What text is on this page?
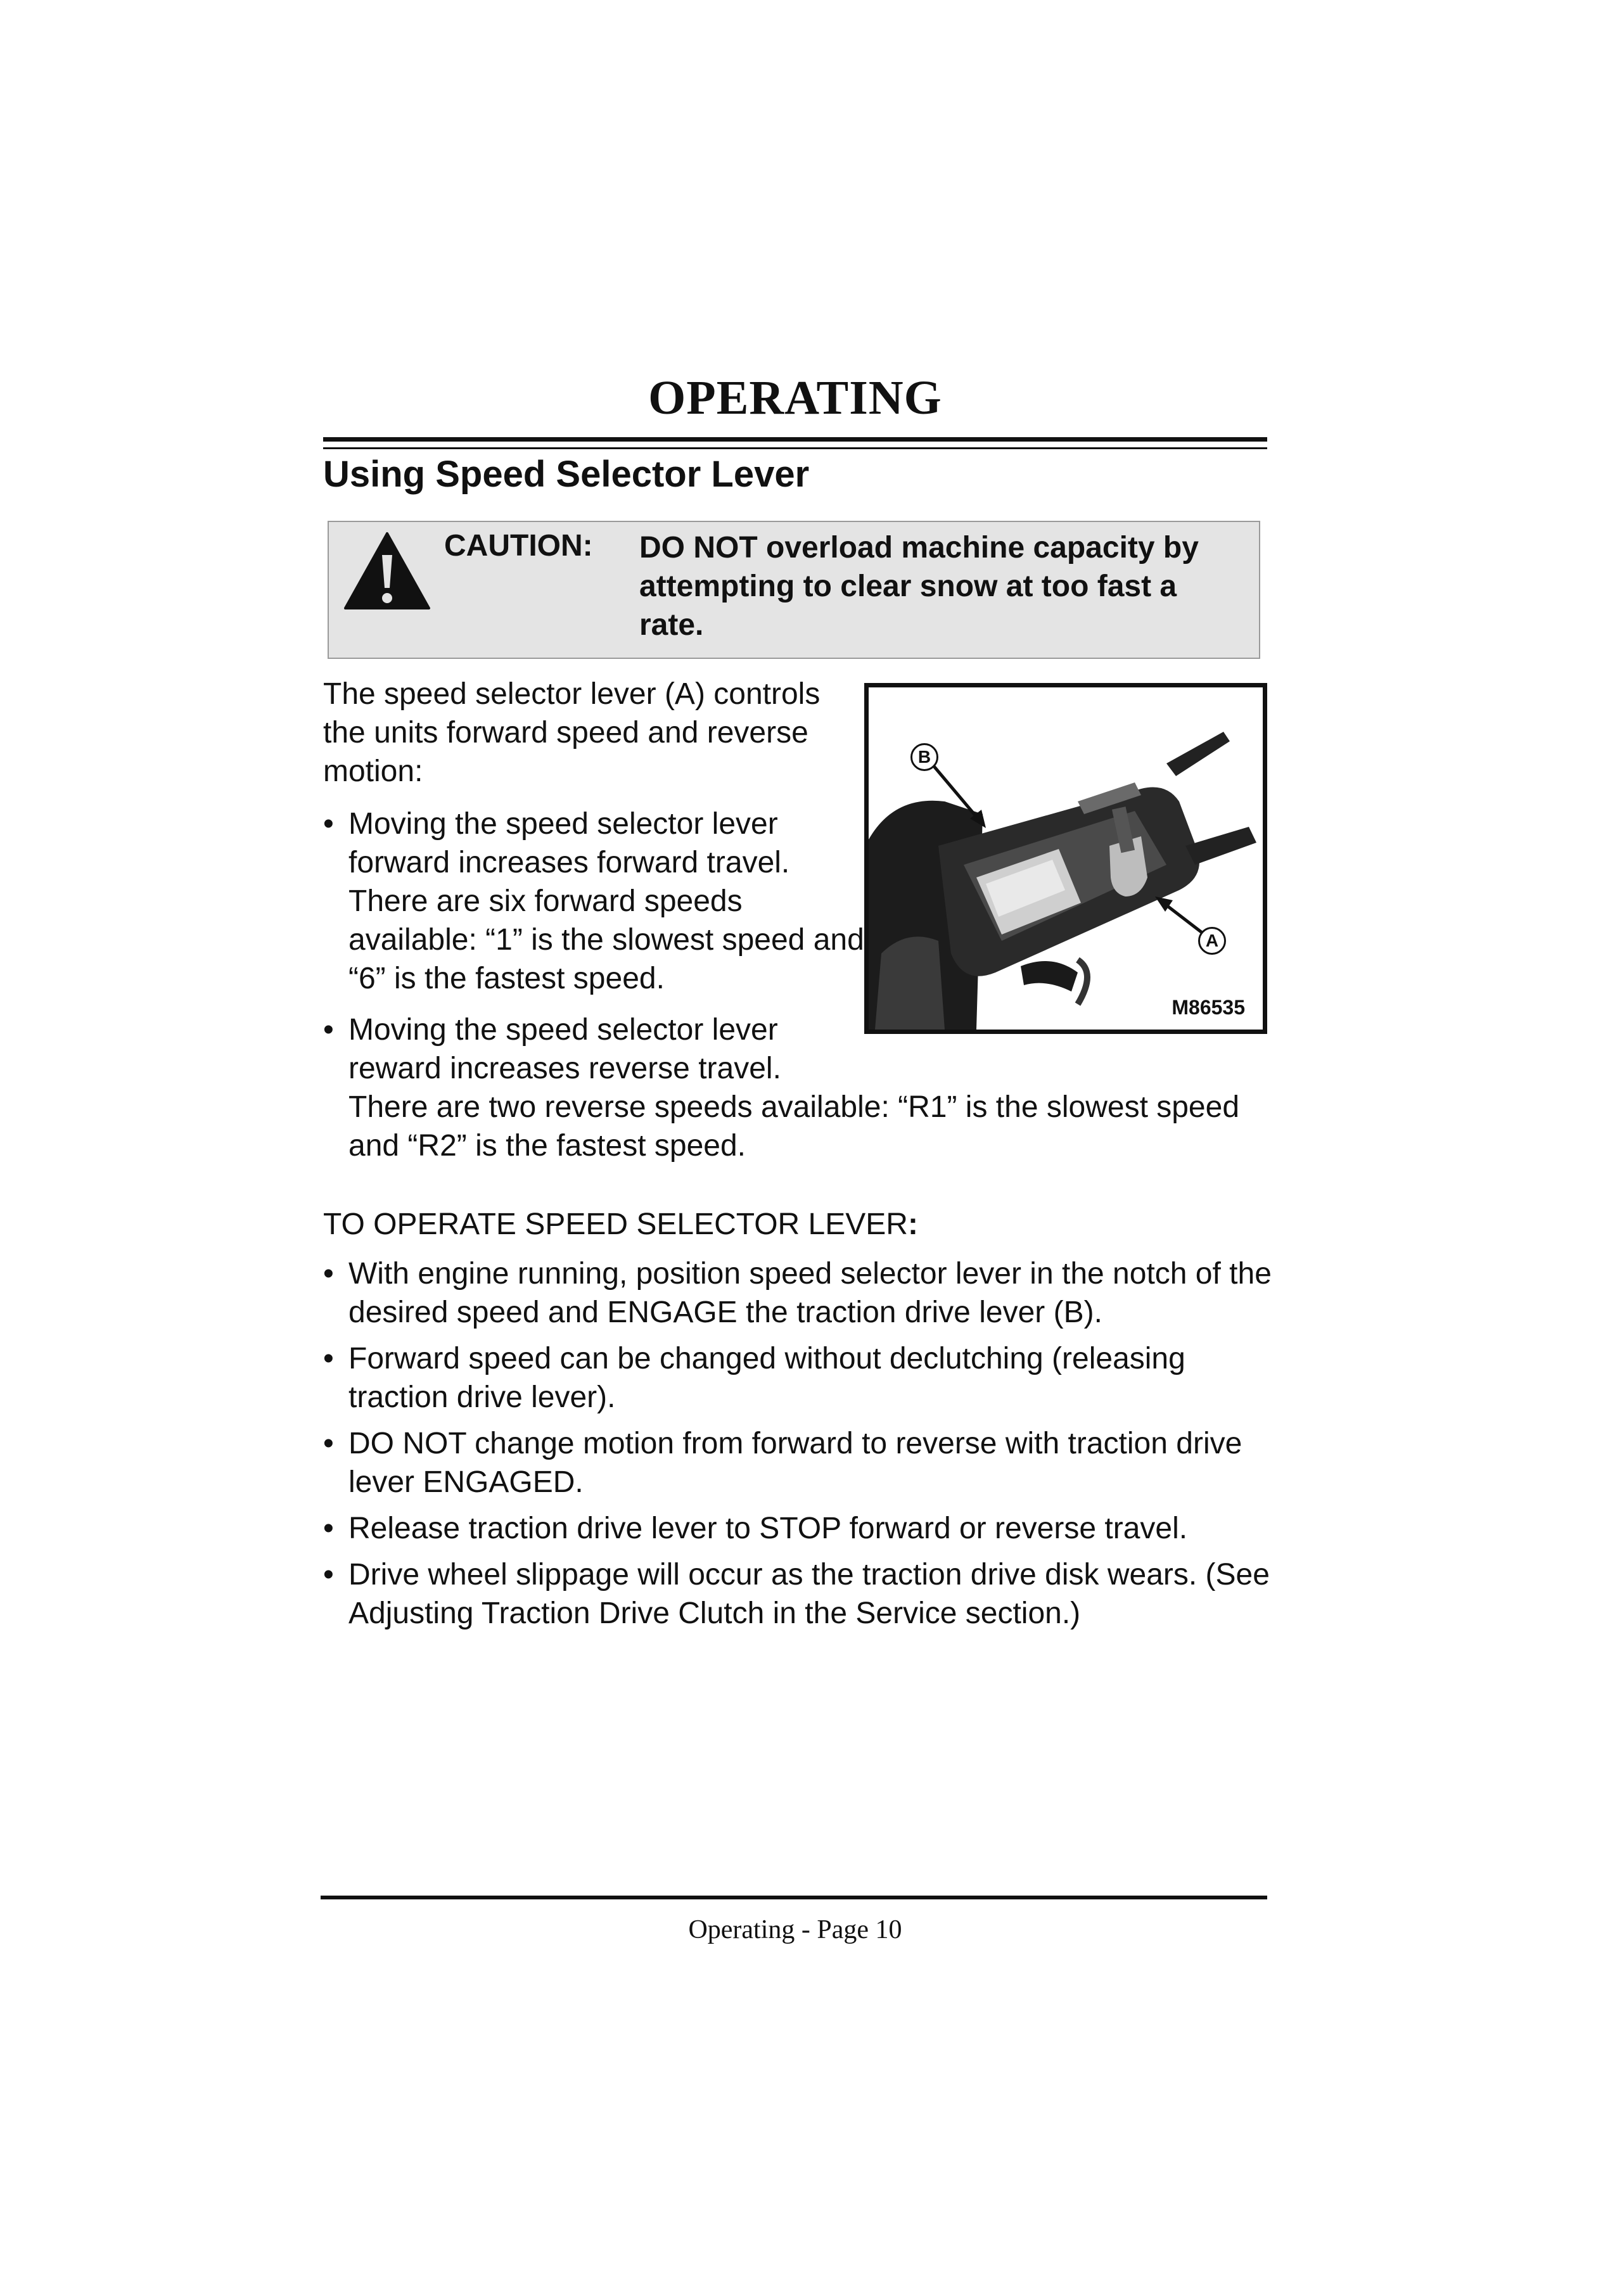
OPERATING
Using Speed Selector Lever
CAUTION: DO NOT overload machine capacity by attempting to clear snow at too fast a rate.

The speed selector lever (A) controls the units forward speed and reverse motion:	B
A
M86535
• Moving the speed selector lever forward increases forward travel. There are six forward speeds available: “1” is the slowest speed and “6” is the fastest speed.
• Moving the speed selector lever reward increases reverse travel.
There are two reverse speeds available: “R1” is the slowest speed and “R2” is the fastest speed.
TO OPERATE SPEED SELECTOR LEVER:
• With engine running, position speed selector lever in the notch of the desired speed and ENGAGE the traction drive lever (B).
• Forward speed can be changed without declutching (releasing traction drive lever).
• DO NOT change motion from forward to reverse with traction drive lever ENGAGED.
• Release traction drive lever to STOP forward or reverse travel.
• Drive wheel slippage will occur as the traction drive disk wears. (See Adjusting Traction Drive Clutch in the Service section.)
Operating - Page 10
